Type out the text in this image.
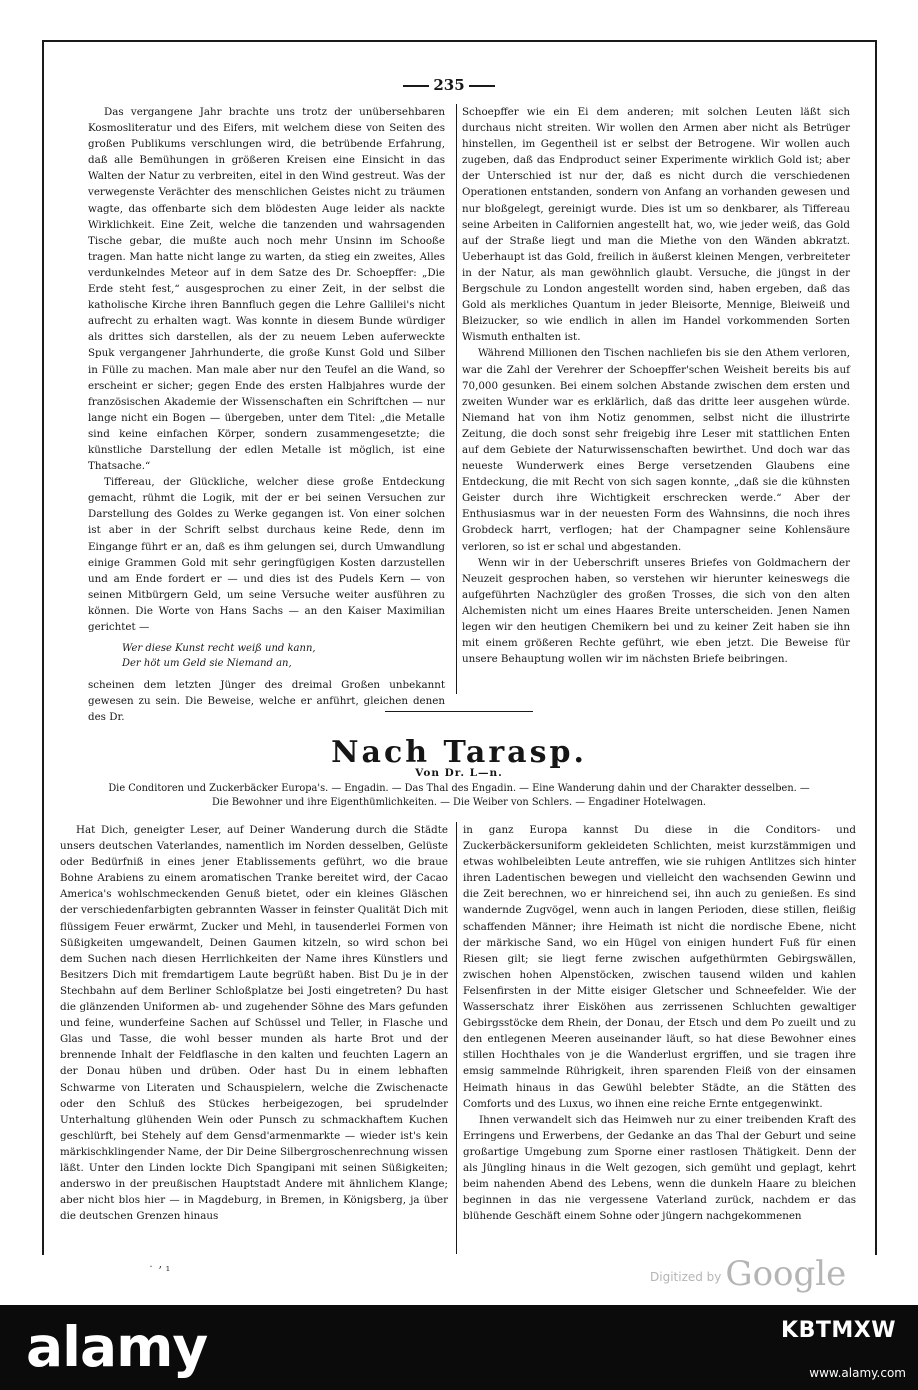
235

Das vergangene Jahr brachte uns trotz der unübersehbaren Kosmosliteratur und des Eifers, mit welchem diese von Seiten des großen Publikums verschlungen wird, die betrübende Erfahrung, daß alle Bemühungen in größeren Kreisen eine Einsicht in das Walten der Natur zu verbreiten, eitel in den Wind gestreut. Was der verwegenste Verächter des menschlichen Geistes nicht zu träumen wagte, das offenbarte sich dem blödesten Auge leider als nackte Wirklichkeit. Eine Zeit, welche die tanzenden und wahrsagenden Tische gebar, die mußte auch noch mehr Unsinn im Schooße tragen. Man hatte nicht lange zu warten, da stieg ein zweites, Alles verdunkelndes Meteor auf in dem Satze des Dr. Schoepffer: „Die Erde steht fest,“ ausgesprochen zu einer Zeit, in der selbst die katholische Kirche ihren Bannfluch gegen die Lehre Gallilei's nicht aufrecht zu erhalten wagt. Was konnte in diesem Bunde würdiger als drittes sich darstellen, als der zu neuem Leben auferweckte Spuk vergangener Jahrhunderte, die große Kunst Gold und Silber in Fülle zu machen. Man male aber nur den Teufel an die Wand, so erscheint er sicher; gegen Ende des ersten Halbjahres wurde der französischen Akademie der Wissenschaften ein Schriftchen — nur lange nicht ein Bogen — übergeben, unter dem Titel: „die Metalle sind keine einfachen Körper, sondern zusammengesetzte; die künstliche Darstellung der edlen Metalle ist möglich, ist eine Thatsache.“

Tiffereau, der Glückliche, welcher diese große Entdeckung gemacht, rühmt die Logik, mit der er bei seinen Versuchen zur Darstellung des Goldes zu Werke gegangen ist. Von einer solchen ist aber in der Schrift selbst durchaus keine Rede, denn im Eingange führt er an, daß es ihm gelungen sei, durch Umwandlung einige Grammen Gold mit sehr geringfügigen Kosten darzustellen und am Ende fordert er — und dies ist des Pudels Kern — von seinen Mitbürgern Geld, um seine Versuche weiter ausführen zu können. Die Worte von Hans Sachs — an den Kaiser Maximilian gerichtet —

Wer diese Kunst recht weiß und kann,
Der höt um Geld sie Niemand an,

scheinen dem letzten Jünger des dreimal Großen unbekannt gewesen zu sein. Die Beweise, welche er anführt, gleichen denen des Dr.

Schoepffer wie ein Ei dem anderen; mit solchen Leuten läßt sich durchaus nicht streiten. Wir wollen den Armen aber nicht als Betrüger hinstellen, im Gegentheil ist er selbst der Betrogene. Wir wollen auch zugeben, daß das Endproduct seiner Experimente wirklich Gold ist; aber der Unterschied ist nur der, daß es nicht durch die verschiedenen Operationen entstanden, sondern von Anfang an vorhanden gewesen und nur bloßgelegt, gereinigt wurde. Dies ist um so denkbarer, als Tiffereau seine Arbeiten in Californien angestellt hat, wo, wie jeder weiß, das Gold auf der Straße liegt und man die Miethe von den Wänden abkratzt. Ueberhaupt ist das Gold, freilich in äußerst kleinen Mengen, verbreiteter in der Natur, als man gewöhnlich glaubt. Versuche, die jüngst in der Bergschule zu London angestellt worden sind, haben ergeben, daß das Gold als merkliches Quantum in jeder Bleisorte, Mennige, Bleiweiß und Bleizucker, so wie endlich in allen im Handel vorkommenden Sorten Wismuth enthalten ist.

Während Millionen den Tischen nachliefen bis sie den Athem verloren, war die Zahl der Verehrer der Schoepffer'schen Weisheit bereits bis auf 70,000 gesunken. Bei einem solchen Abstande zwischen dem ersten und zweiten Wunder war es erklärlich, daß das dritte leer ausgehen würde. Niemand hat von ihm Notiz genommen, selbst nicht die illustrirte Zeitung, die doch sonst sehr freigebig ihre Leser mit stattlichen Enten auf dem Gebiete der Naturwissenschaften bewirthet. Und doch war das neueste Wunderwerk eines Berge versetzenden Glaubens eine Entdeckung, die mit Recht von sich sagen konnte, „daß sie die kühnsten Geister durch ihre Wichtigkeit erschrecken werde.“ Aber der Enthusiasmus war in der neuesten Form des Wahnsinns, die noch ihres Grobdeck harrt, verflogen; hat der Champagner seine Kohlensäure verloren, so ist er schal und abgestanden.

Wenn wir in der Ueberschrift unseres Briefes von Goldmachern der Neuzeit gesprochen haben, so verstehen wir hierunter keineswegs die aufgeführten Nachzügler des großen Trosses, die sich von den alten Alchemisten nicht um eines Haares Breite unterscheiden. Jenen Namen legen wir den heutigen Chemikern bei und zu keiner Zeit haben sie ihn mit einem größeren Rechte geführt, wie eben jetzt. Die Beweise für unsere Behauptung wollen wir im nächsten Briefe beibringen.

Nach Tarasp.
Von Dr. L—n.
Die Conditoren und Zuckerbäcker Europa's. — Engadin. — Das Thal des Engadin. — Eine Wanderung dahin und der Charakter desselben. —
Die Bewohner und ihre Eigenthümlichkeiten. — Die Weiber von Schlers. — Engadiner Hotelwagen.

Hat Dich, geneigter Leser, auf Deiner Wanderung durch die Städte unsers deutschen Vaterlandes, namentlich im Norden desselben, Gelüste oder Bedürfniß in eines jener Etablissements geführt, wo die braue Bohne Arabiens zu einem aromatischen Tranke bereitet wird, der Cacao America's wohlschmeckenden Genuß bietet, oder ein kleines Gläschen der verschiedenfarbigten gebrannten Wasser in feinster Qualität Dich mit flüssigem Feuer erwärmt, Zucker und Mehl, in tausenderlei Formen von Süßigkeiten umgewandelt, Deinen Gaumen kitzeln, so wird schon bei dem Suchen nach diesen Herrlichkeiten der Name ihres Künstlers und Besitzers Dich mit fremdartigem Laute begrüßt haben. Bist Du je in der Stechbahn auf dem Berliner Schloßplatze bei Josti eingetreten? Du hast die glänzenden Uniformen ab- und zugehender Söhne des Mars gefunden und feine, wunderfeine Sachen auf Schüssel und Teller, in Flasche und Glas und Tasse, die wohl besser munden als harte Brot und der brennende Inhalt der Feldflasche in den kalten und feuchten Lagern an der Donau hüben und drüben. Oder hast Du in einem lebhaften Schwarme von Literaten und Schauspielern, welche die Zwischenacte oder den Schluß des Stückes herbeigezogen, bei sprudelnder Unterhaltung glühenden Wein oder Punsch zu schmackhaftem Kuchen geschlürft, bei Stehely auf dem Gensd'armenmarkte — wieder ist's kein märkischklingender Name, der Dir Deine Silbergroschenrechnung wissen läßt. Unter den Linden lockte Dich Spangipani mit seinen Süßigkeiten; anderswo in der preußischen Hauptstadt Andere mit ähnlichem Klange; aber nicht blos hier — in Magdeburg, in Bremen, in Königsberg, ja über die deutschen Grenzen hinaus

in ganz Europa kannst Du diese in die Conditors- und Zuckerbäckersuniform gekleideten Schlichten, meist kurzstämmigen und etwas wohlbeleibten Leute antreffen, wie sie ruhigen Antlitzes sich hinter ihren Ladentischen bewegen und vielleicht den wachsenden Gewinn und die Zeit berechnen, wo er hinreichend sei, ihn auch zu genießen. Es sind wandernde Zugvögel, wenn auch in langen Perioden, diese stillen, fleißig schaffenden Männer; ihre Heimath ist nicht die nordische Ebene, nicht der märkische Sand, wo ein Hügel von einigen hundert Fuß für einen Riesen gilt; sie liegt ferne zwischen aufgethürmten Gebirgswällen, zwischen hohen Alpenstöcken, zwischen tausend wilden und kahlen Felsenfirsten in der Mitte eisiger Gletscher und Schneefelder. Wie der Wasserschatz ihrer Eisköhen aus zerrissenen Schluchten gewaltiger Gebirgsstöcke dem Rhein, der Donau, der Etsch und dem Po zueilt und zu den entlegenen Meeren auseinander läuft, so hat diese Bewohner eines stillen Hochthales von je die Wanderlust ergriffen, und sie tragen ihre emsig sammelnde Rührigkeit, ihren sparenden Fleiß von der einsamen Heimath hinaus in das Gewühl belebter Städte, an die Stätten des Comforts und des Luxus, wo ihnen eine reiche Ernte entgegenwinkt.

Ihnen verwandelt sich das Heimweh nur zu einer treibenden Kraft des Erringens und Erwerbens, der Gedanke an das Thal der Geburt und seine großartige Umgebung zum Sporne einer rastlosen Thätigkeit. Denn der als Jüngling hinaus in die Welt gezogen, sich gemüht und geplagt, kehrt beim nahenden Abend des Lebens, wenn die dunkeln Haare zu bleichen beginnen in das nie vergessene Vaterland zurück, nachdem er das blühende Geschäft einem Sohne oder jüngern nachgekommenen

˙ ʼ ¹	$^{Digitized by}$ Google
alamy	KBTMXW
www.alamy.com
